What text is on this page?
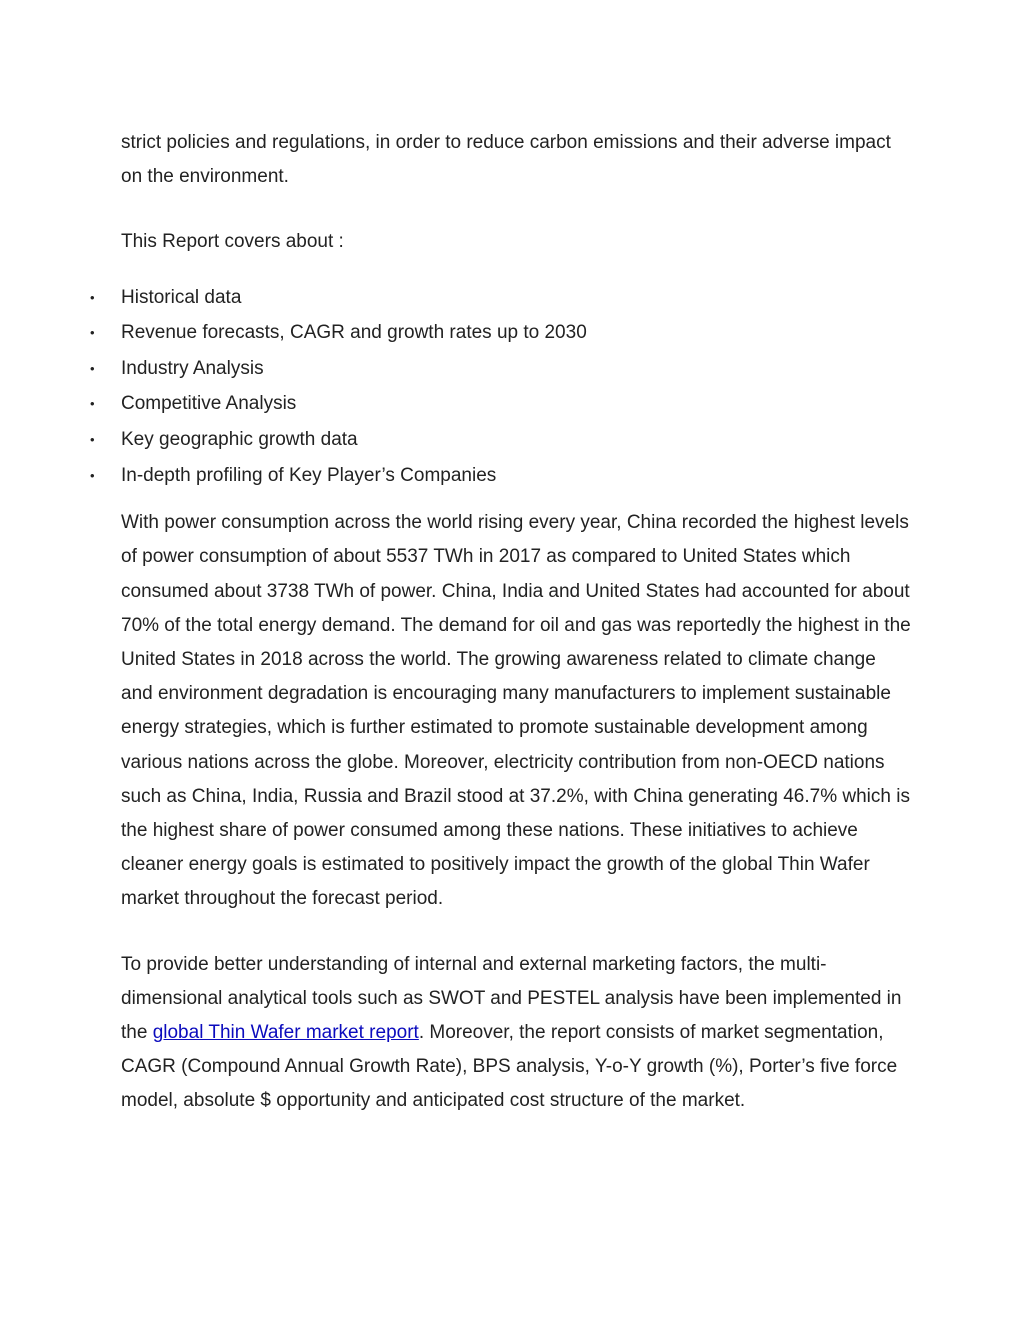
strict policies and regulations, in order to reduce carbon emissions and their adverse impact on the environment.

This Report covers about :

• Historical data
• Revenue forecasts, CAGR and growth rates up to 2030
• Industry Analysis
• Competitive Analysis
• Key geographic growth data
• In-depth profiling of Key Player’s Companies

With power consumption across the world rising every year, China recorded the highest levels of power consumption of about 5537 TWh in 2017 as compared to United States which consumed about 3738 TWh of power. China, India and United States had accounted for about 70% of the total energy demand. The demand for oil and gas was reportedly the highest in the United States in 2018 across the world. The growing awareness related to climate change and environment degradation is encouraging many manufacturers to implement sustainable energy strategies, which is further estimated to promote sustainable development among various nations across the globe. Moreover, electricity contribution from non-OECD nations such as China, India, Russia and Brazil stood at 37.2%, with China generating 46.7% which is the highest share of power consumed among these nations. These initiatives to achieve cleaner energy goals is estimated to positively impact the growth of the global Thin Wafer market throughout the forecast period.

To provide better understanding of internal and external marketing factors, the multi-dimensional analytical tools such as SWOT and PESTEL analysis have been implemented in the global Thin Wafer market report. Moreover, the report consists of market segmentation, CAGR (Compound Annual Growth Rate), BPS analysis, Y-o-Y growth (%), Porter’s five force model, absolute $ opportunity and anticipated cost structure of the market.
